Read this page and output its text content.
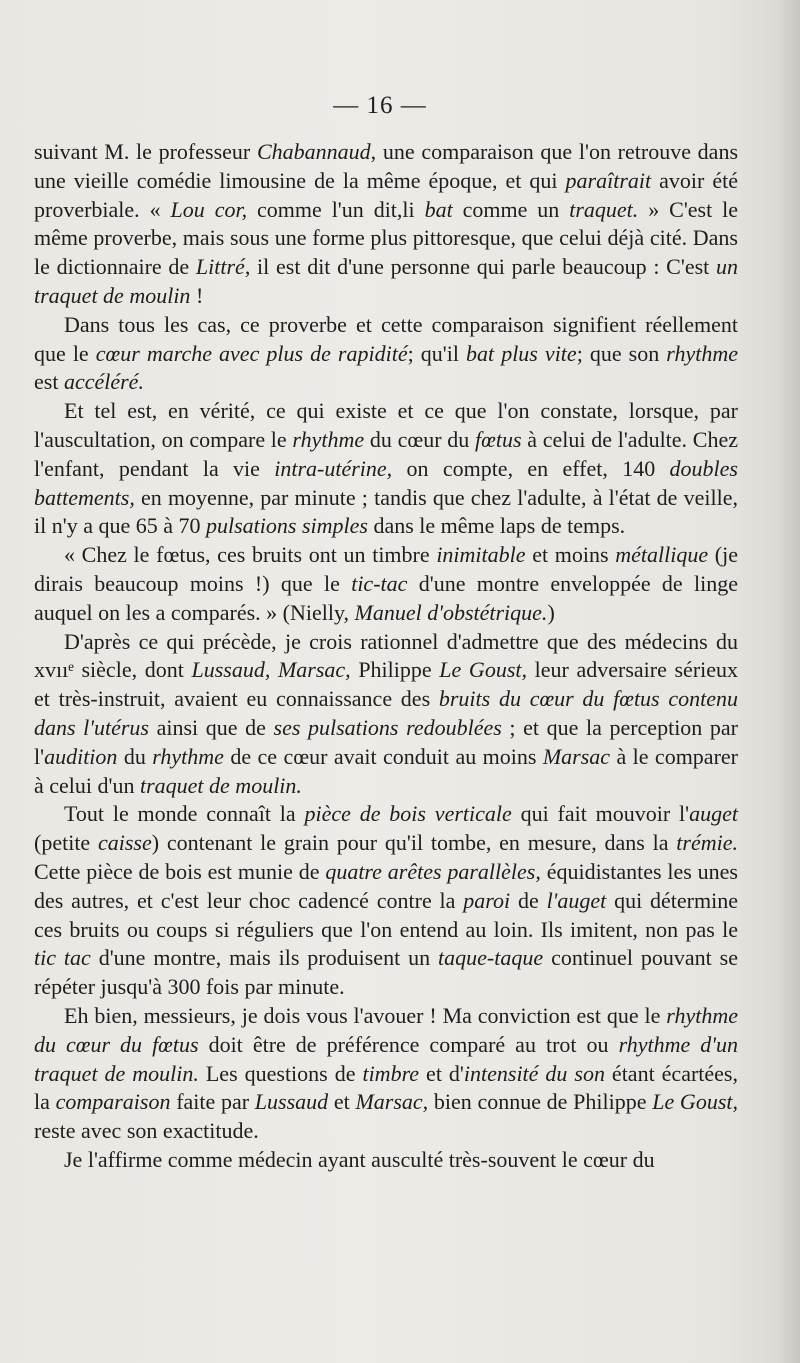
— 16 —

suivant M. le professeur Chabannaud, une comparaison que l'on retrouve dans une vieille comédie limousine de la même époque, et qui paraîtrait avoir été proverbiale. « Lou cor, comme l'un dit,li bat comme un traquet. » C'est le même proverbe, mais sous une forme plus pittoresque, que celui déjà cité. Dans le dictionnaire de Littré, il est dit d'une personne qui parle beaucoup : C'est un traquet de moulin !

Dans tous les cas, ce proverbe et cette comparaison signifient réellement que le cœur marche avec plus de rapidité; qu'il bat plus vite; que son rhythme est accéléré.

Et tel est, en vérité, ce qui existe et ce que l'on constate, lorsque, par l'auscultation, on compare le rhythme du cœur du fœtus à celui de l'adulte. Chez l'enfant, pendant la vie intra-utérine, on compte, en effet, 140 doubles battements, en moyenne, par minute ; tandis que chez l'adulte, à l'état de veille, il n'y a que 65 à 70 pulsations simples dans le même laps de temps.

« Chez le fœtus, ces bruits ont un timbre inimitable et moins métallique (je dirais beaucoup moins !) que le tic-tac d'une montre enveloppée de linge auquel on les a comparés. » (Nielly, Manuel d'obstétrique.)

D'après ce qui précède, je crois rationnel d'admettre que des médecins du xvııᵉ siècle, dont Lussaud, Marsac, Philippe Le Goust, leur adversaire sérieux et très-instruit, avaient eu connaissance des bruits du cœur du fœtus contenu dans l'utérus ainsi que de ses pulsations redoublées ; et que la perception par l'audition du rhythme de ce cœur avait conduit au moins Marsac à le comparer à celui d'un traquet de moulin.

Tout le monde connaît la pièce de bois verticale qui fait mouvoir l'auget (petite caisse) contenant le grain pour qu'il tombe, en mesure, dans la trémie. Cette pièce de bois est munie de quatre arêtes parallèles, équidistantes les unes des autres, et c'est leur choc cadencé contre la paroi de l'auget qui détermine ces bruits ou coups si réguliers que l'on entend au loin. Ils imitent, non pas le tic tac d'une montre, mais ils produisent un taque-taque continuel pouvant se répéter jusqu'à 300 fois par minute.

Eh bien, messieurs, je dois vous l'avouer ! Ma conviction est que le rhythme du cœur du fœtus doit être de préférence comparé au trot ou rhythme d'un traquet de moulin. Les questions de timbre et d'intensité du son étant écartées, la comparaison faite par Lussaud et Marsac, bien connue de Philippe Le Goust, reste avec son exactitude.

Je l'affirme comme médecin ayant ausculté très-souvent le cœur du
